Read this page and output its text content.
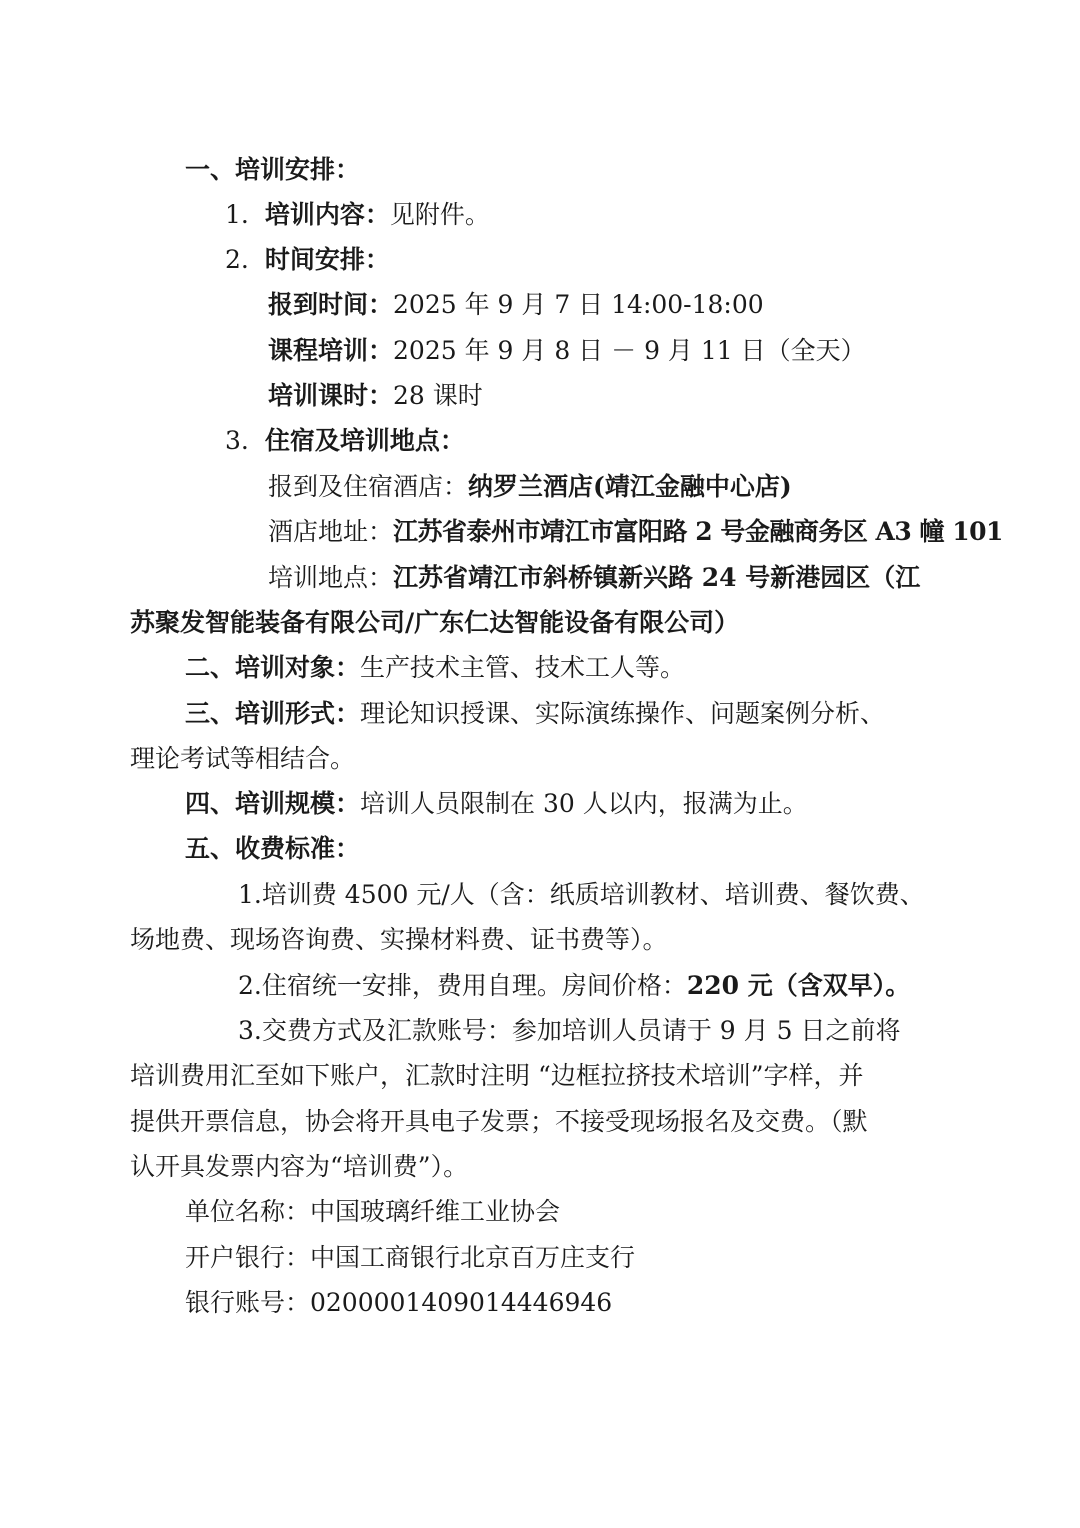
一、培训安排：
1. 培训内容：见附件。
2. 时间安排：
报到时间：2025 年 9 月 7 日 14:00-18:00
课程培训：2025 年 9 月 8 日 － 9 月 11 日（全天）
培训课时：28 课时
3. 住宿及培训地点：
报到及住宿酒店：纳罗兰酒店(靖江金融中心店)
酒店地址：江苏省泰州市靖江市富阳路 2 号金融商务区 A3 幢 101
培训地点：江苏省靖江市斜桥镇新兴路 24 号新港园区（江
苏聚发智能装备有限公司/广东仁达智能设备有限公司）
二、培训对象：生产技术主管、技术工人等。
三、培训形式：理论知识授课、实际演练操作、问题案例分析、
理论考试等相结合。
四、培训规模：培训人员限制在 30 人以内，报满为止。
五、收费标准：
1.培训费 4500 元/人（含：纸质培训教材、培训费、餐饮费、
场地费、现场咨询费、实操材料费、证书费等）。
2.住宿统一安排，费用自理。房间价格：220 元（含双早）。
3.交费方式及汇款账号：参加培训人员请于 9 月 5 日之前将
培训费用汇至如下账户，汇款时注明 “边框拉挤技术培训”字样，并
提供开票信息，协会将开具电子发票；不接受现场报名及交费。（默
认开具发票内容为“培训费”）。
单位名称：中国玻璃纤维工业协会
开户银行：中国工商银行北京百万庄支行
银行账号：0200001409014446946
